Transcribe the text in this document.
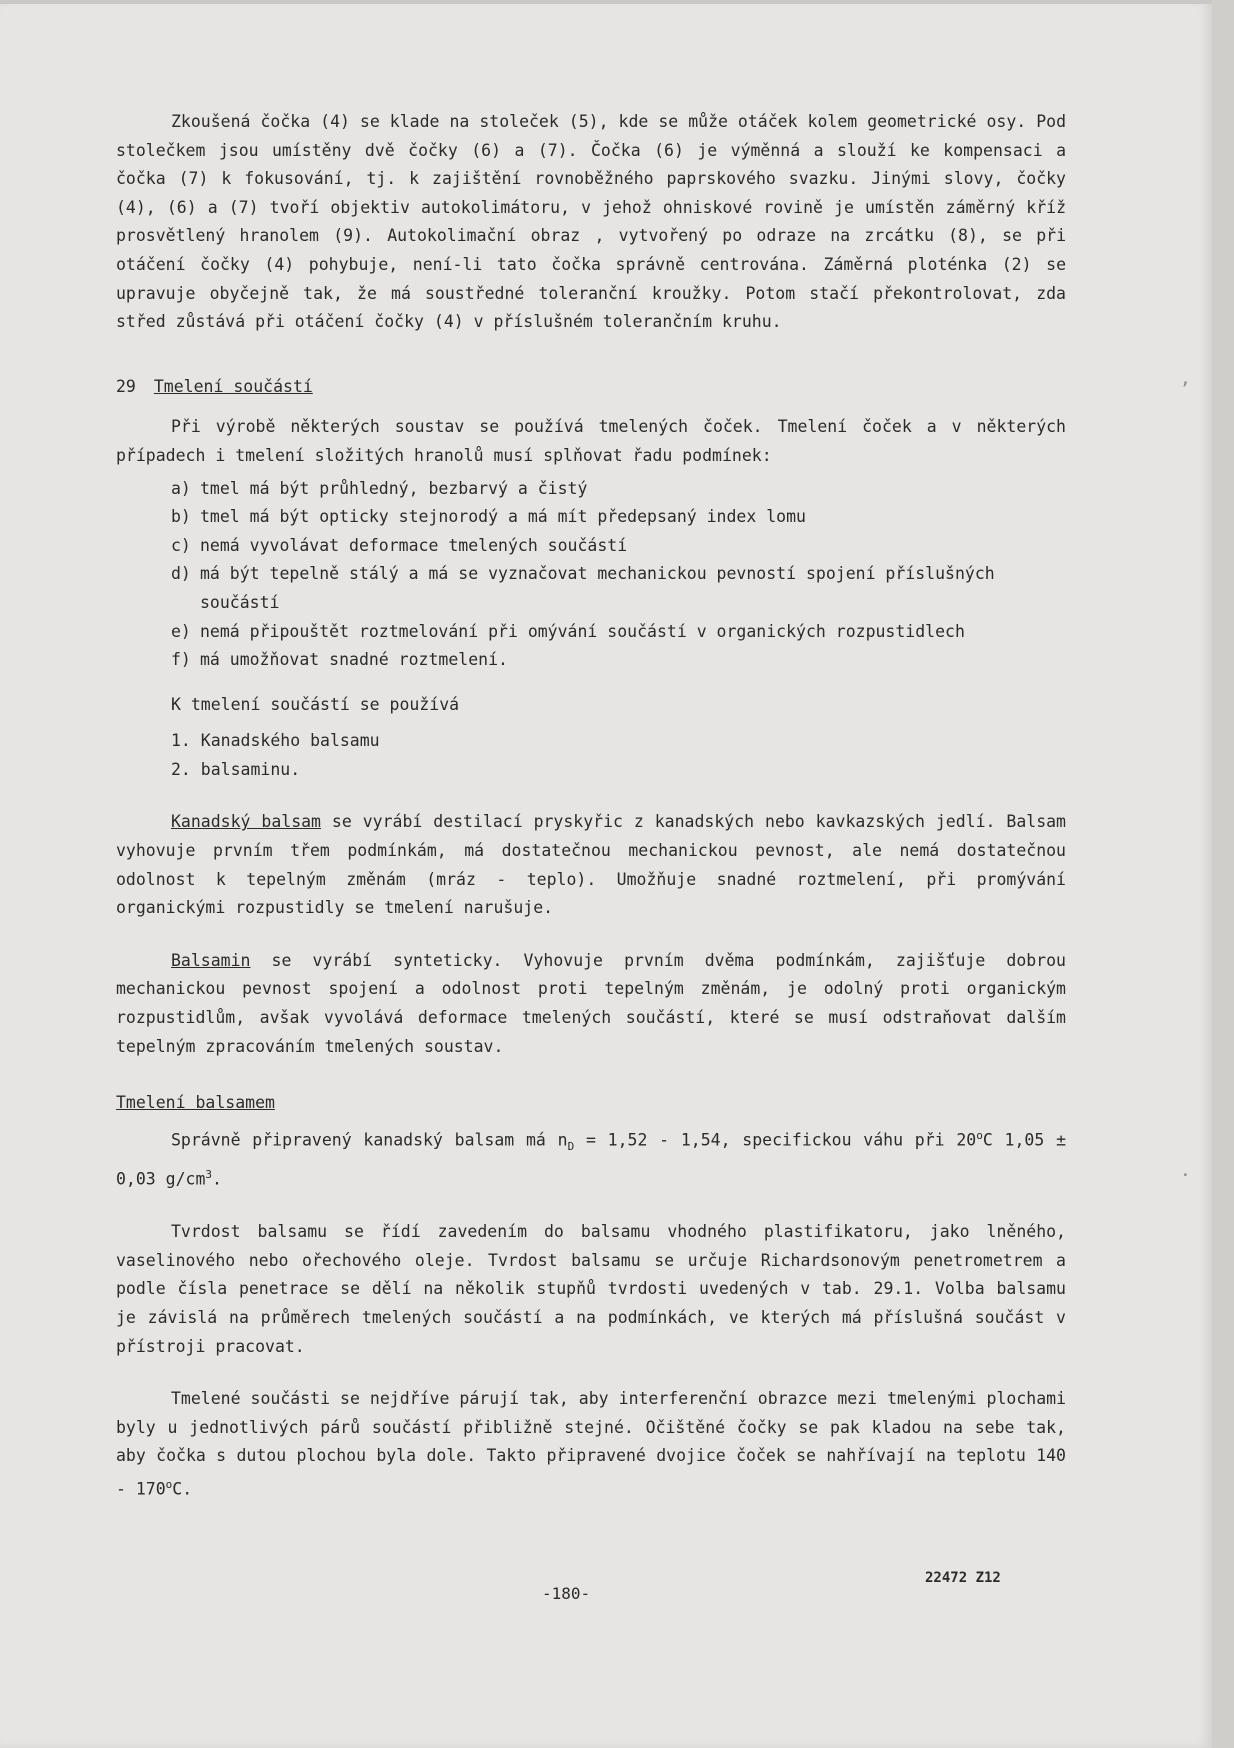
Zkoušená čočka (4) se klade na stoleček (5), kde se může otáček kolem geometrické osy. Pod stolečkem jsou umístěny dvě čočky (6) a (7). Čočka (6) je výměnná a slouží ke kompensaci a čočka (7) k fokusování, tj. k zajištění rovnoběžného paprskového svazku. Jinými slovy, čočky (4), (6) a (7) tvoří objektiv autokolimátoru, v jehož ohniskové rovině je umístěn záměrný kříž prosvětlený hranolem (9). Autokolimační obraz , vytvořený po odraze na zrcátku (8), se při otáčení čočky (4) pohybuje, není-li tato čočka správně centrována. Záměrná ploténka (2) se upravuje obyčejně tak, že má soustředné toleranční kroužky. Potom stačí překontrolovat, zda střed zůstává při otáčení čočky (4) v příslušném tolerančním kruhu.

29 Tmelení součástí

Při výrobě některých soustav se používá tmelených čoček. Tmelení čoček a v některých případech i tmelení složitých hranolů musí splňovat řadu podmínek:

a) tmel má být průhledný, bezbarvý a čistý
b) tmel má být opticky stejnorodý a má mít předepsaný index lomu
c) nemá vyvolávat deformace tmelených součástí
d) má být tepelně stálý a má se vyznačovat mechanickou pevností spojení příslušných součástí
e) nemá připouštět roztmelování při omývání součástí v organických rozpustidlech
f) má umožňovat snadné roztmelení.
K tmelení součástí se používá
1. Kanadského balsamu
2. balsaminu.

Kanadský balsam se vyrábí destilací pryskyřic z kanadských nebo kavkazských jedlí. Balsam vyhovuje prvním třem podmínkám, má dostatečnou mechanickou pevnost, ale nemá dostatečnou odolnost k tepelným změnám (mráz - teplo). Umožňuje snadné roztmelení, při promývání organickými rozpustidly se tmelení narušuje.

Balsamin se vyrábí synteticky. Vyhovuje prvním dvěma podmínkám, zajišťuje dobrou mechanickou pevnost spojení a odolnost proti tepelným změnám, je odolný proti organickým rozpustidlům, avšak vyvolává deformace tmelených součástí, které se musí odstraňovat dalším tepelným zpracováním tmelených soustav.

Tmelení balsamem

Správně připravený kanadský balsam má $n_D = 1,52 - 1,54$, specifickou váhu při 20$^o$C 1,05 ± 0,03 $g/cm^3$.

Tvrdost balsamu se řídí zavedením do balsamu vhodného plastifikatoru, jako lněného, vaselinového nebo ořechového oleje. Tvrdost balsamu se určuje Richardsonovým penetrometrem a podle čísla penetrace se dělí na několik stupňů tvrdosti uvedených v tab. 29.1. Volba balsamu je závislá na průměrech tmelených součástí a na podmínkách, ve kterých má příslušná součást v přístroji pracovat.

Tmelené součásti se nejdříve párují tak, aby interferenční obrazce mezi tmelenými plochami byly u jednotlivých párů součástí přibližně stejné. Očištěné čočky se pak kladou na sebe tak, aby čočka s dutou plochou byla dole. Takto připravené dvojice čoček se nahřívají na teplotu 140 - 170$^o$C.

,
·
-180-
22472 Z12
